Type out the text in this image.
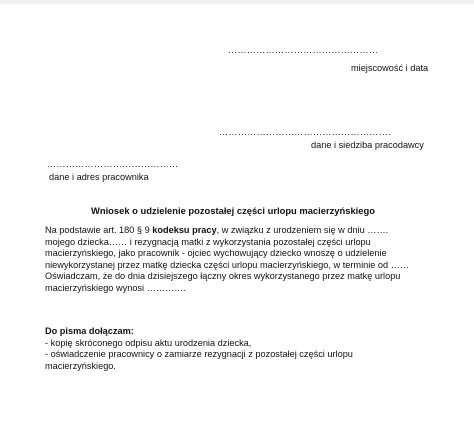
…………………………………………
miejscowość i data
……………………………………………….
dane i siedziba pracodawcy
……………………………………
dane i adres pracownika
Wniosek o udzielenie pozostałej części urlopu macierzyńskiego
Na podstawie art. 180 § 9 kodeksu pracy, w związku z urodzeniem się w dniu …….
mojego dziecka…… i rezygnacją matki z wykorzystania pozostałej części urlopu
macierzyńskiego, jako pracownik - ojciec wychowujący dziecko wnoszę o udzielenie
niewykorzystanej przez matkę dziecka części urlopu macierzyńskiego, w terminie od ……
Oświadczam, że do dnia dzisiejszego łączny okres wykorzystanego przez matkę urlopu
macierzyńskiego wynosi ………….
Do pisma dołączam:
- kopię skróconego odpisu aktu urodzenia dziecka,
- oświadczenie pracownicy o zamiarze rezygnacji z pozostałej części urlopu
macierzyńskiego.
